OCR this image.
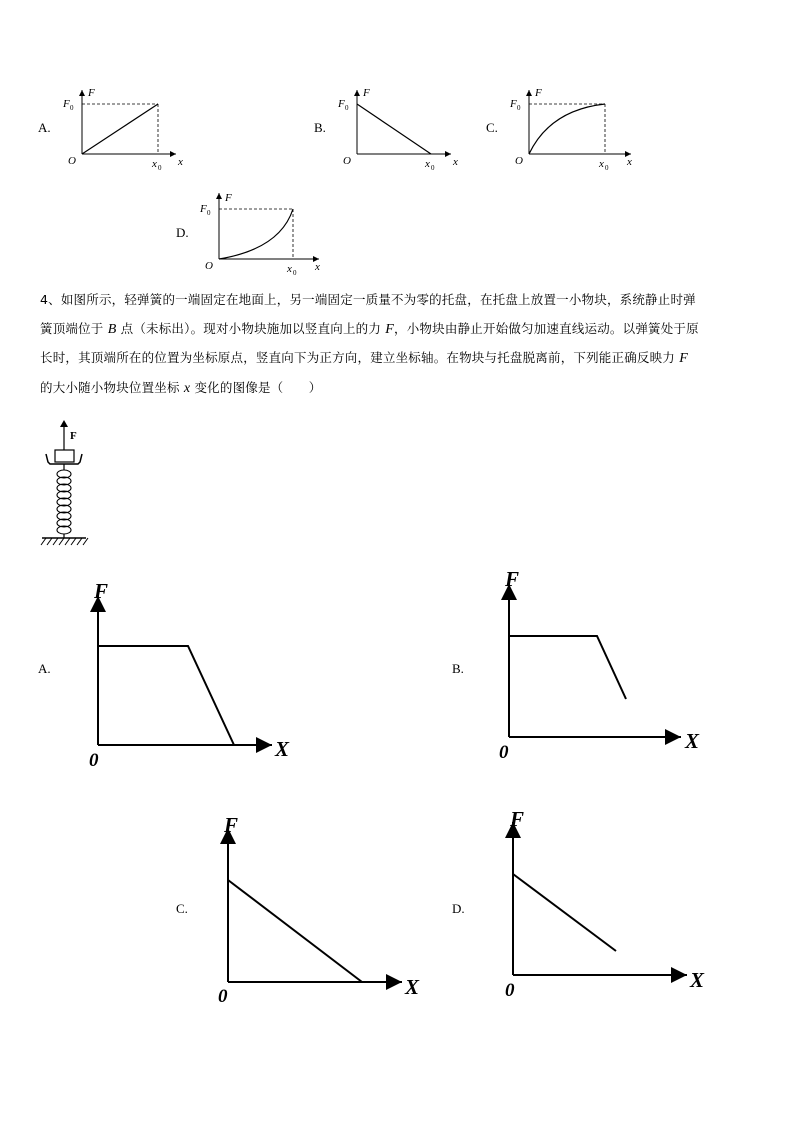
A.	B.	C.
D.
F
F 0
O	x 0 x
F
F 0
O	x 0 x
F
F 0
O	x 0 x
F
F 0
O	x 0 x
4、如图所示，轻弹簧的一端固定在地面上，另一端固定一质量不为零的托盘，在托盘上放置一小物块，系统静止时弹
簧顶端位于 B 点（未标出）。现对小物块施加以竖直向上的力 F，小物块由静止开始做匀加速直线运动。以弹簧处于原
长时，其顶端所在的位置为坐标原点，竖直向下为正方向，建立坐标轴。在物块与托盘脱离前，下列能正确反映力 F
的大小随小物块位置坐标 x 变化的图像是（　　）
F
A.	B.
C.	D.
F
X
0
F
X
0
F
X
0
F
X
0
